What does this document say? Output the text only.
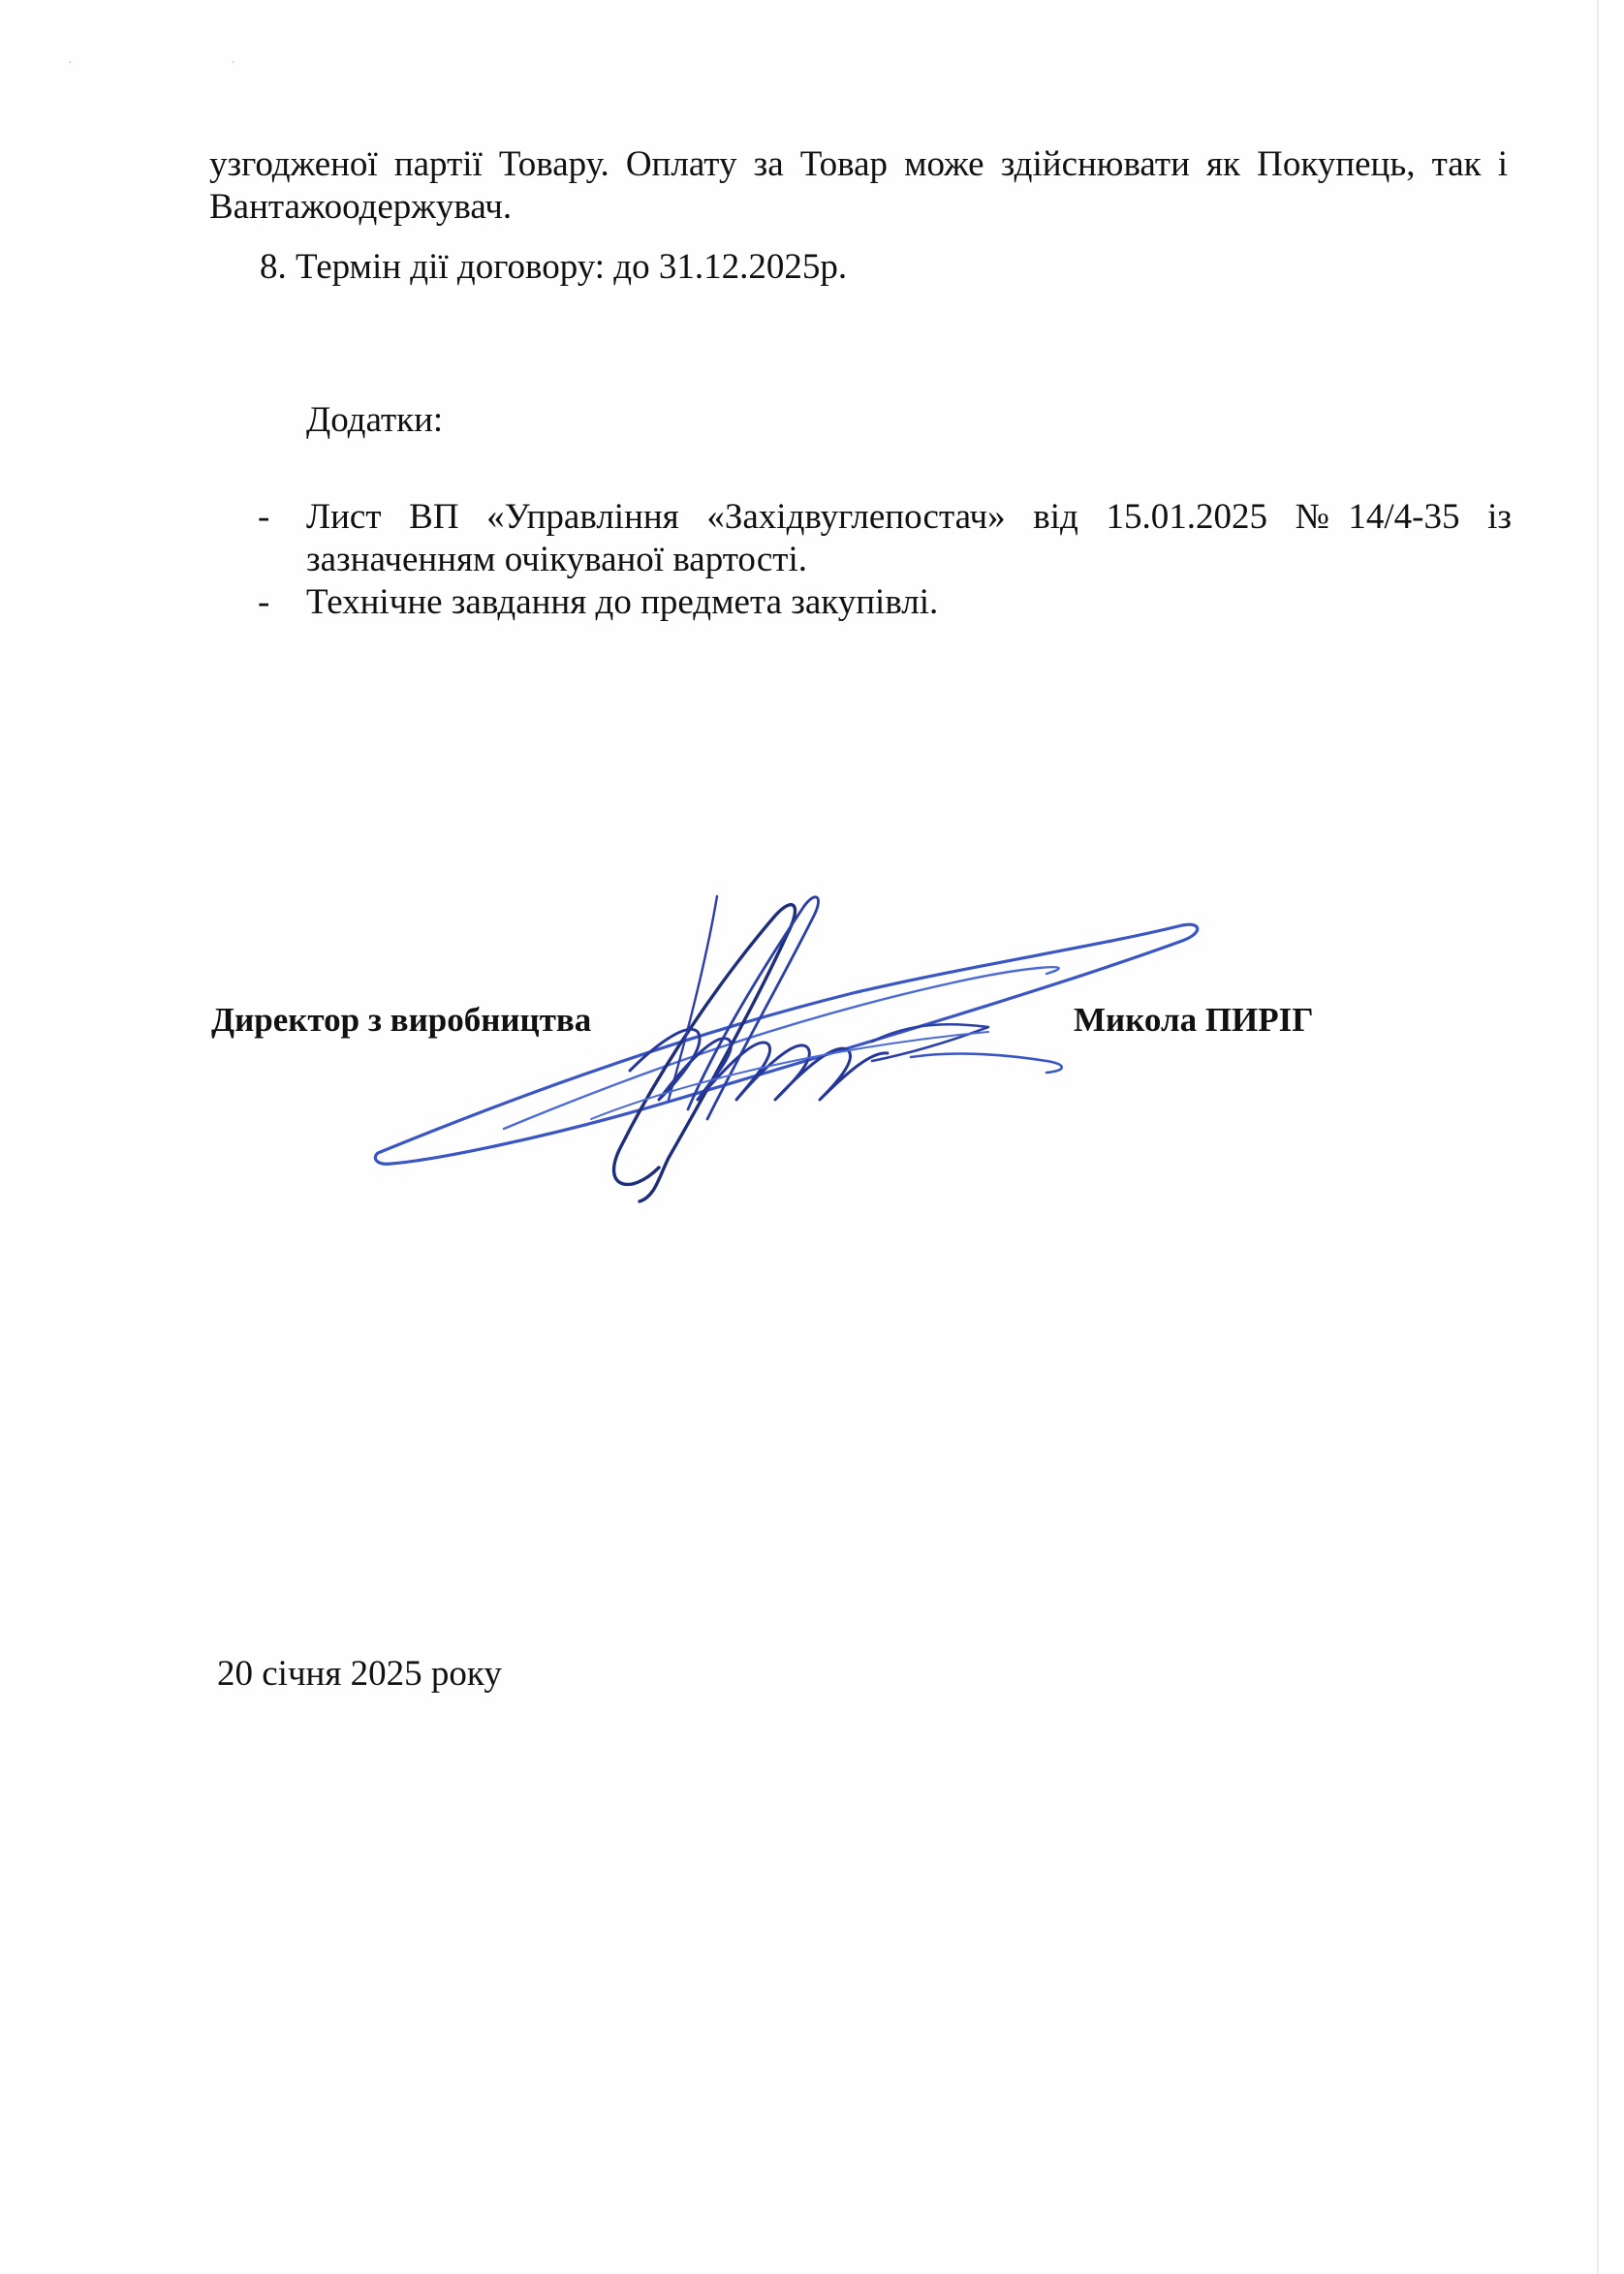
· ·
узгодженої партії Товару. Оплату за Товар може здійснювати як Покупець, так і
Вантажоодержувач.
8. Термін дії договору: до 31.12.2025р.
Додатки:
- Лист ВП «Управління «Західвуглепостач» від 15.01.2025 №14/4-35 із
зазначенням очікуваної вартості.
- Технічне завдання до предмета закупівлі.
Директор з виробництва	Микола ПИРІГ
20 січня 2025 року
